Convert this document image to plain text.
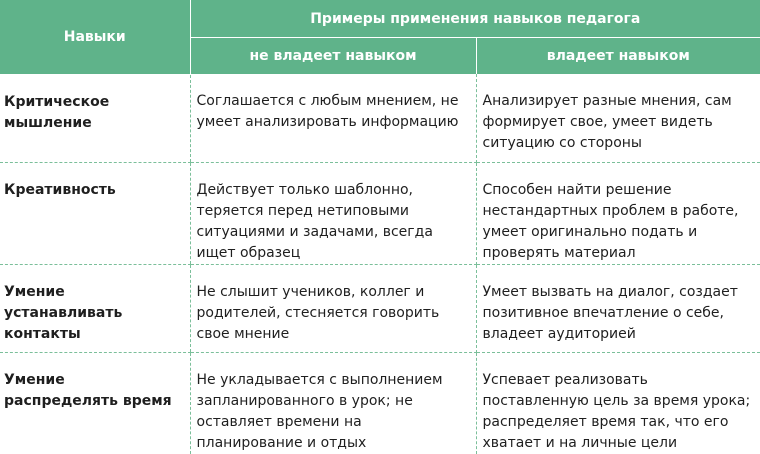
Навыки	Примеры применения навыков педагога	
	не владеет навыком	владеет навыком
Критическое мышление	Соглашается с любым мнением, не умеет анализировать информацию	Анализирует разные мнения, сам формирует свое, умеет видеть ситуацию со стороны
Креативность	Действует только шаблонно, теряется перед нетиповыми ситуациями и задачами, всегда ищет образец	Способен найти решение нестандартных проблем в работе, умеет оригинально подать и проверять материал
Умение устанавливать контакты	Не слышит учеников, коллег и родителей, стесняется говорить свое мнение	Умеет вызвать на диалог, создает позитивное впечатление о себе, владеет аудиторией
Умение распределять время	Не укладывается с выполнением запланированного в урок; не оставляет времени на планирование и отдых	Успевает реализовать поставленную цель за время урока; распределяет время так, что его хватает и на личные цели
